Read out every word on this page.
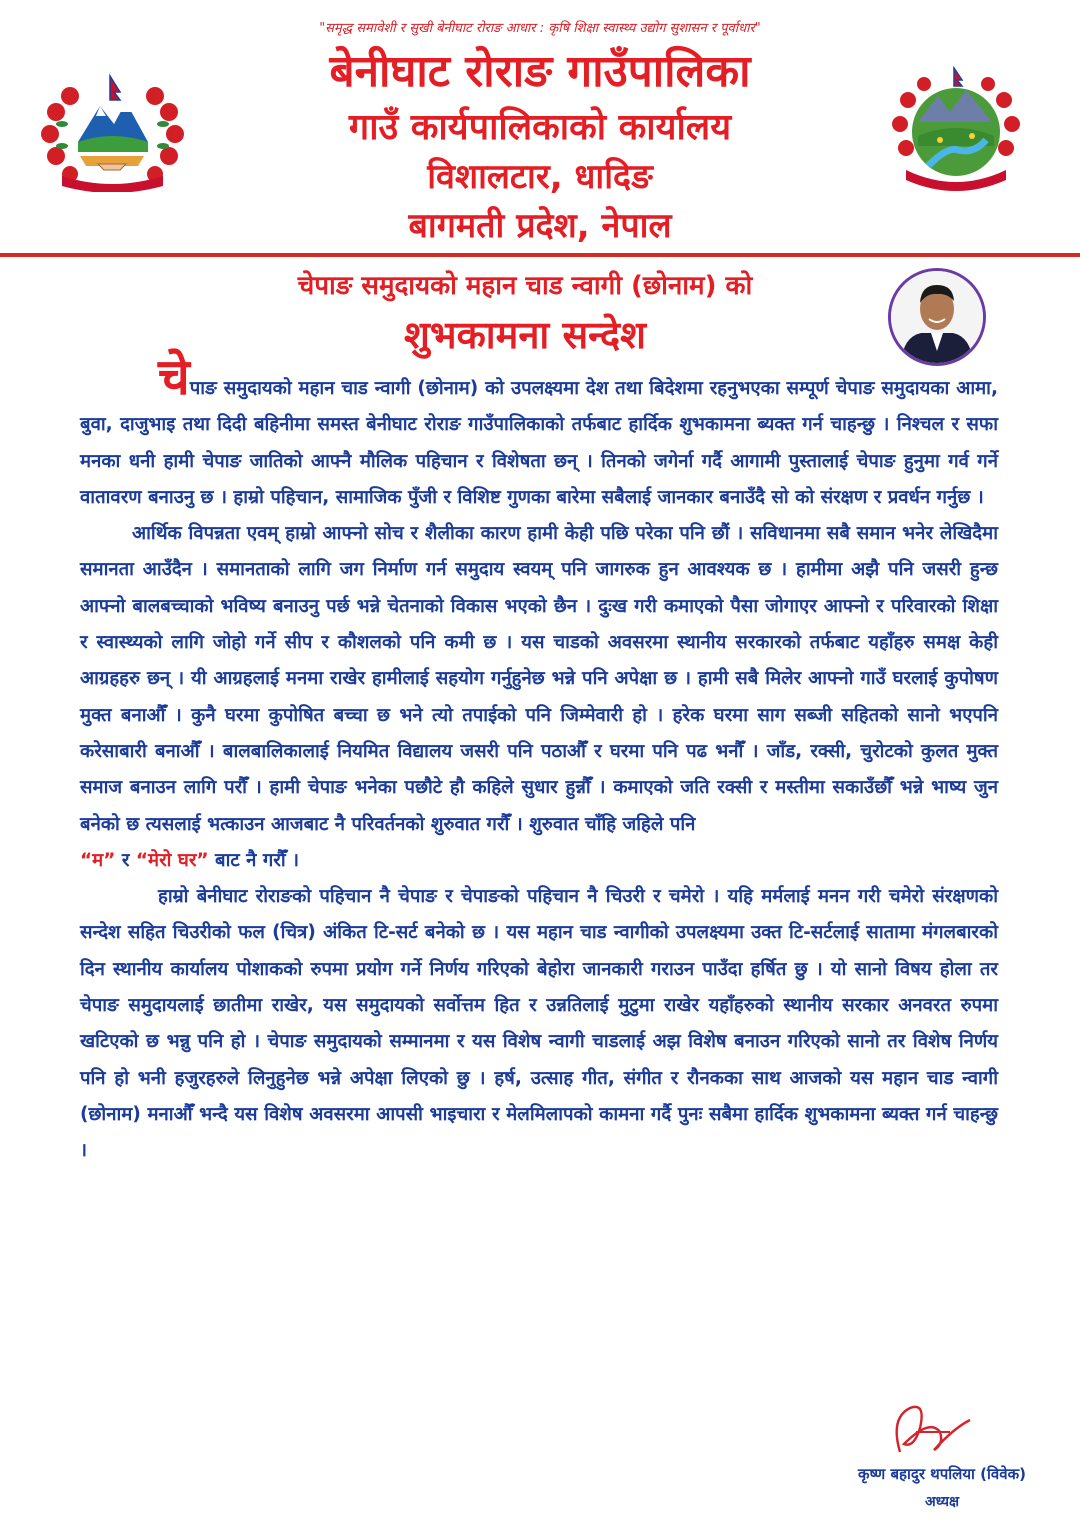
"समृद्ध समावेशी र सुखी बेनीघाट रोराङ आधार : कृषि शिक्षा स्वास्थ्य उद्योग सुशासन र पूर्वाधार"
बेनीघाट रोराङ गाउँपालिका
गाउँ कार्यपालिकाको कार्यालय
विशालटार, धादिङ
बागमती प्रदेश, नेपाल
चेपाङ समुदायको महान चाड न्वागी (छोनाम) को
शुभकामना सन्देश

चेपाङ समुदायको महान चाड न्वागी (छोनाम) को उपलक्ष्यमा देश तथा बिदेशमा रहनुभएका सम्पूर्ण चेपाङ समुदायका आमा, बुवा, दाजुभाइ तथा दिदी बहिनीमा समस्त बेनीघाट रोराङ गाउँपालिकाको तर्फबाट हार्दिक शुभकामना ब्यक्त गर्न चाहन्छु । निश्चल र सफा मनका धनी हामी चेपाङ जातिको आफ्नै मौलिक पहिचान र विशेषता छन् । तिनको जगेर्ना गर्दै आगामी पुस्तालाई चेपाङ हुनुमा गर्व गर्ने वातावरण बनाउनु छ । हाम्रो पहिचान, सामाजिक पुँजी र विशिष्ट गुणका बारेमा सबैलाई जानकार बनाउँदै सो को संरक्षण र प्रवर्धन गर्नुछ ।

आर्थिक विपन्नता एवम् हाम्रो आफ्नो सोच र शैलीका कारण हामी केही पछि परेका पनि छौं । सविधानमा सबै समान भनेर लेखिदैमा समानता आउँदैन । समानताको लागि जग निर्माण गर्न समुदाय स्वयम् पनि जागरुक हुन आवश्यक छ । हामीमा अझै पनि जसरी हुन्छ आफ्नो बालबच्चाको भविष्य बनाउनु पर्छ भन्ने चेतनाको विकास भएको छैन । दुःख गरी कमाएको पैसा जोगाएर आफ्नो र परिवारको शिक्षा र स्वास्थ्यको लागि जोहो गर्ने सीप र कौशलको पनि कमी छ । यस चाडको अवसरमा स्थानीय सरकारको तर्फबाट यहाँहरु समक्ष केही आग्रहहरु छन् । यी आग्रहलाई मनमा राखेर हामीलाई सहयोग गर्नुहुनेछ भन्ने पनि अपेक्षा छ । हामी सबै मिलेर आफ्नो गाउँ घरलाई कुपोषण मुक्त बनाऔँ । कुनै घरमा कुपोषित बच्चा छ भने त्यो तपाईको पनि जिम्मेवारी हो । हरेक घरमा साग सब्जी सहितको सानो भएपनि करेसाबारी बनाऔँ । बालबालिकालाई नियमित विद्यालय जसरी पनि पठाऔँ र घरमा पनि पढ भनौँ । जाँड, रक्सी, चुरोटको कुलत मुक्त समाज बनाउन लागि परौँ । हामी चेपाङ भनेका पछौटे हौ कहिले सुधार हुन्नौँ । कमाएको जति रक्सी र मस्तीमा सकाउँछौँ भन्ने भाष्य जुन बनेको छ त्यसलाई भत्काउन आजबाट नै परिवर्तनको शुरुवात गरौँ । शुरुवात चाँहि जहिले पनि
“म” र “मेरो घर” बाट नै गरौँ ।

हाम्रो बेनीघाट रोराङको पहिचान नै चेपाङ र चेपाङको पहिचान नै चिउरी र चमेरो । यहि मर्मलाई मनन गरी चमेरो संरक्षणको सन्देश सहित चिउरीको फल (चित्र) अंकित टि-सर्ट बनेको छ । यस महान चाड न्वागीको उपलक्ष्यमा उक्त टि-सर्टलाई सातामा मंगलबारको दिन स्थानीय कार्यालय पोशाकको रुपमा प्रयोग गर्ने निर्णय गरिएको बेहोरा जानकारी गराउन पाउँदा हर्षित छु । यो सानो विषय होला तर चेपाङ समुदायलाई छातीमा राखेर, यस समुदायको सर्वोत्तम हित र उन्नतिलाई मुटुमा राखेर यहाँहरुको स्थानीय सरकार अनवरत रुपमा खटिएको छ भन्नु पनि हो । चेपाङ समुदायको सम्मानमा र यस विशेष न्वागी चाडलाई अझ विशेष बनाउन गरिएको सानो तर विशेष निर्णय पनि हो भनी हजुरहरुले लिनुहुनेछ भन्ने अपेक्षा लिएको छु । हर्ष, उत्साह गीत, संगीत र रौनकका साथ आजको यस महान चाड न्वागी (छोनाम) मनाऔँ भन्दै यस विशेष अवसरमा आपसी भाइचारा र मेलमिलापको कामना गर्दै पुनः सबैमा हार्दिक शुभकामना ब्यक्त गर्न चाहन्छु ।

कृष्ण बहादुर थपलिया (विवेक)
अध्यक्ष
